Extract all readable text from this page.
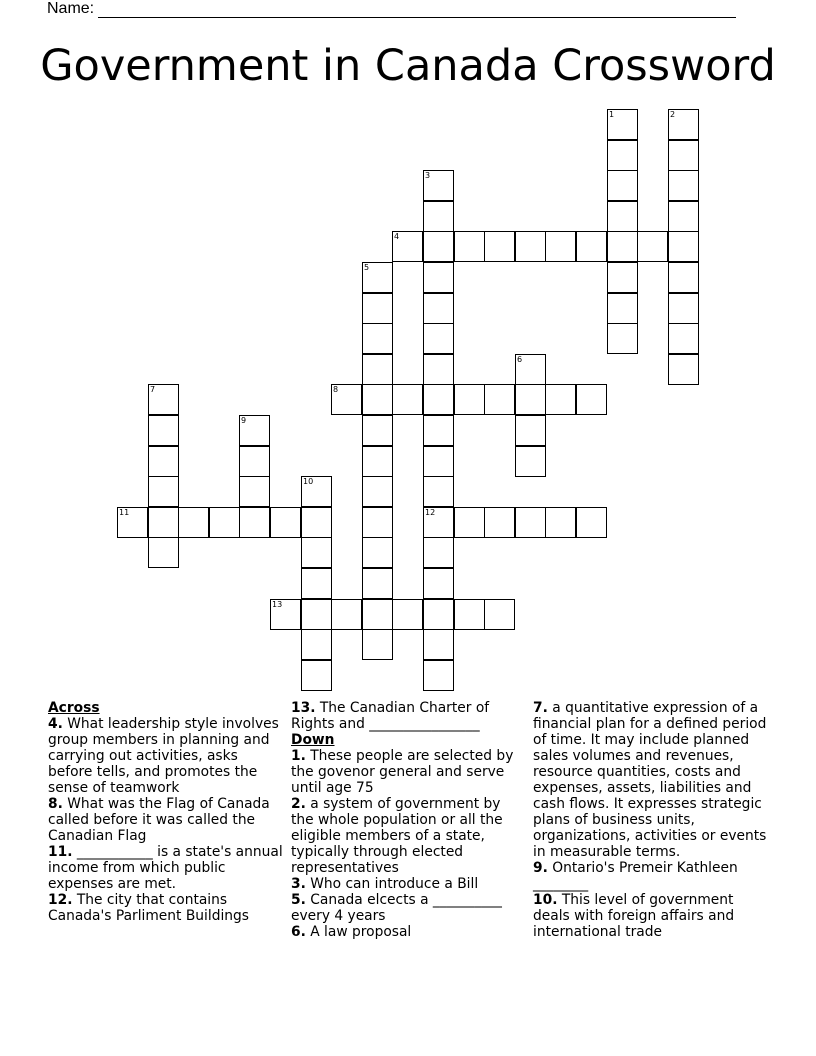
Name:
Government in Canada Crossword
1	2
3
12
4
5
6
7	8
9
10
11
13
Across

4. What leadership style involves group members in planning and carrying out activities, asks before tells, and promotes the sense of teamwork

8. What was the Flag of Canada called before it was called the Canadian Flag

11. ___________ is a state's annual income from which public expenses are met.

12. The city that contains Canada's Parliment Buildings

13. The Canadian Charter of Rights and ________________

Down

1. These people are selected by the govenor general and serve until age 75

2. a system of government by the whole population or all the eligible members of a state, typically through elected representatives

3. Who can introduce a Bill

5. Canada elcects a __________ every 4 years

6. A law proposal

7. a quantitative expression of a financial plan for a defined period of time. It may include planned sales volumes and revenues, resource quantities, costs and expenses, assets, liabilities and cash flows. It expresses strategic plans of business units, organizations, activities or events in measurable terms.

9. Ontario's Premeir Kathleen ________

10. This level of government deals with foreign affairs and international trade
